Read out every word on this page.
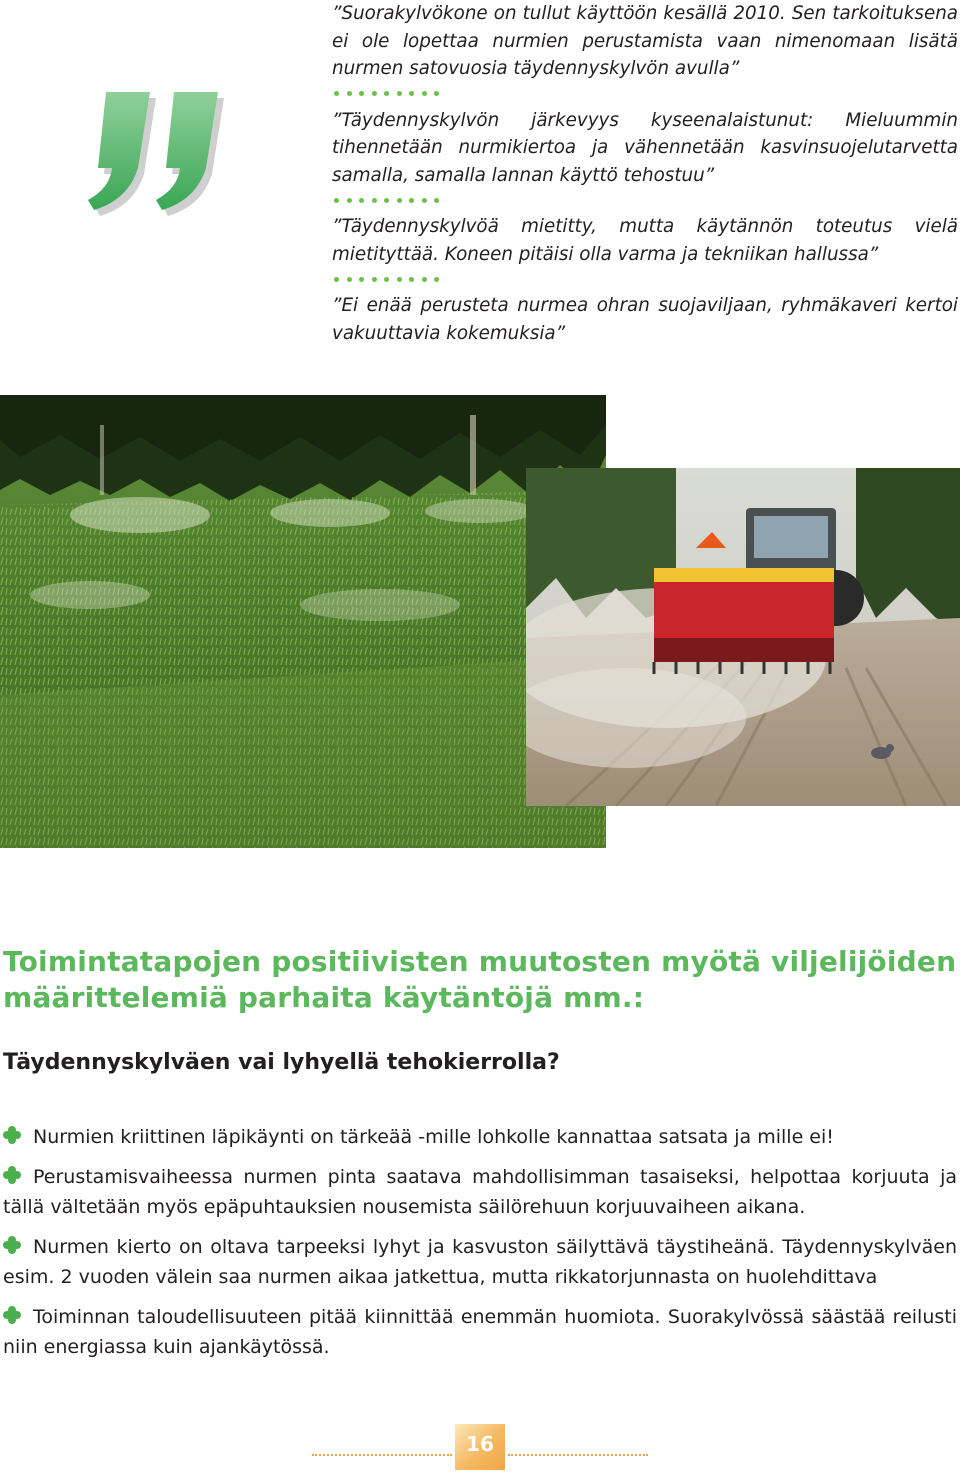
”Suorakylvökone on tullut käyttöön kesällä 2010. Sen tarkoituksena ei ole lopettaa nurmien perustamista vaan nimenomaan lisätä nurmen satovuosia täydennyskylvön avulla”

”Täydennyskylvön järkevyys kyseenalaistunut: Mieluummin tihennetään nurmikiertoa ja vähennetään kasvinsuojelutarvetta samalla, samalla lannan käyttö tehostuu”

”Täydennyskylvöä mietitty, mutta käytännön toteutus vielä mietityttää. Koneen pitäisi olla varma ja tekniikan hallussa”

”Ei enää perusteta nurmea ohran suojaviljaan, ryhmäkaveri kertoi vakuuttavia kokemuksia”

Toimintatapojen positiivisten muutosten myötä viljelijöiden määrittelemiä parhaita käytäntöjä mm.:
Täydennyskylväen vai lyhyellä tehokierrolla?

Nurmien kriittinen läpikäynti on tärkeää -mille lohkolle kannattaa satsata ja mille ei!

Perustamisvaiheessa nurmen pinta saatava mahdollisimman tasaiseksi, helpottaa korjuuta ja tällä vältetään myös epäpuhtauksien nousemista säilörehuun korjuuvaiheen aikana.

Nurmen kierto on oltava tarpeeksi lyhyt ja kasvuston säilyttävä täystiheänä. Täydennyskylväen esim. 2 vuoden välein saa nurmen aikaa jatkettua, mutta rikkatorjunnasta on huolehdittava

Toiminnan taloudellisuuteen pitää kiinnittää enemmän huomiota. Suorakylvössä säästää reilusti niin energiassa kuin ajankäytössä.

16
